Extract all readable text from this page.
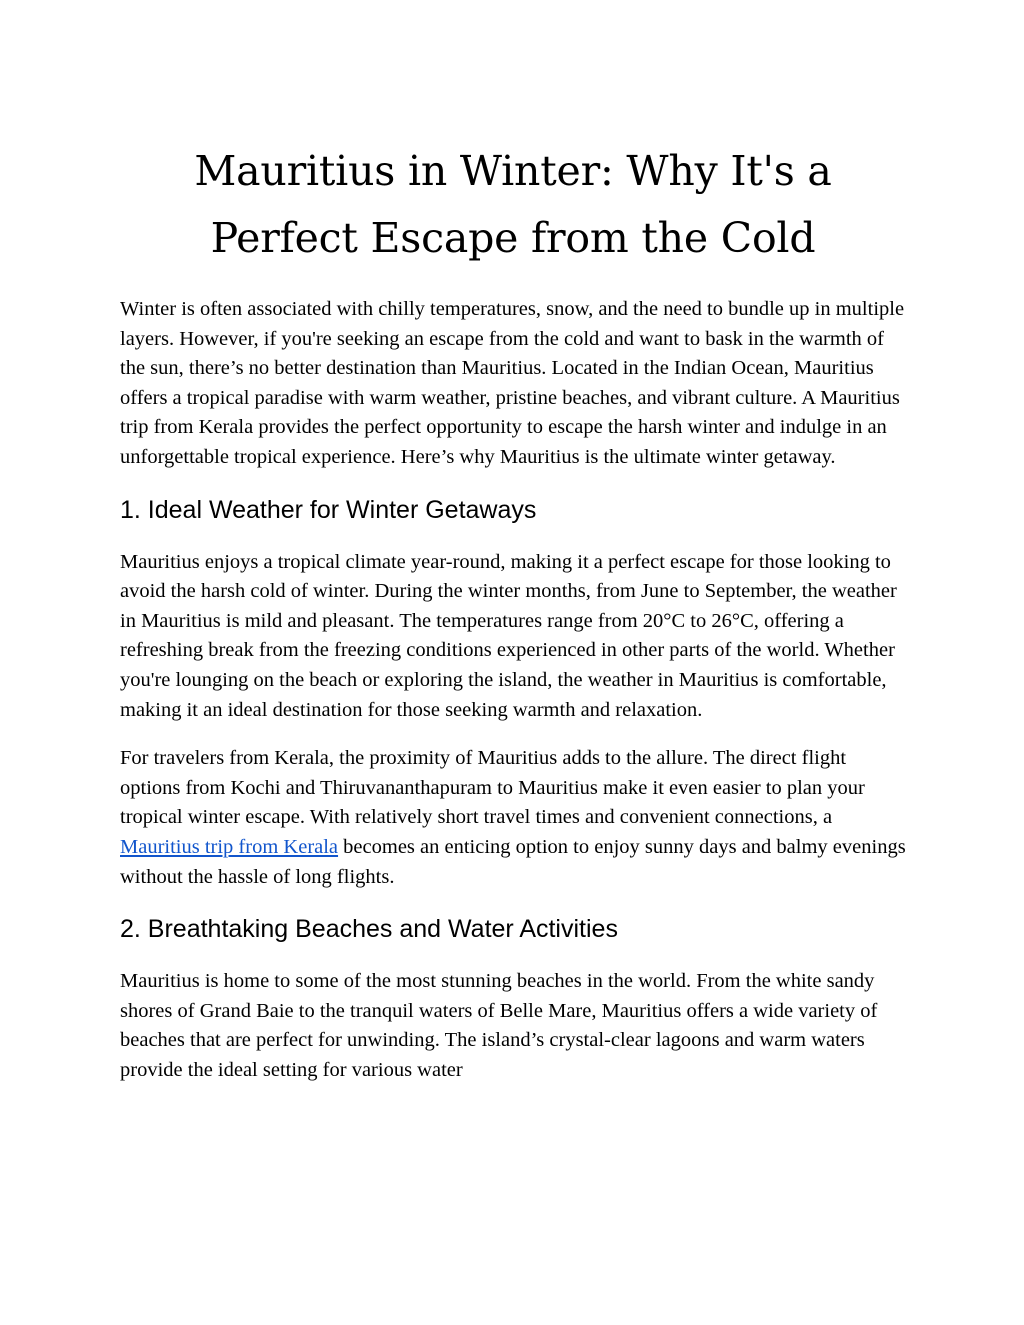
Mauritius in Winter: Why It's a
Perfect Escape from the Cold

Winter is often associated with chilly temperatures, snow, and the need to bundle up in multiple layers. However, if you're seeking an escape from the cold and want to bask in the warmth of the sun, there’s no better destination than Mauritius. Located in the Indian Ocean, Mauritius offers a tropical paradise with warm weather, pristine beaches, and vibrant culture. A Mauritius trip from Kerala provides the perfect opportunity to escape the harsh winter and indulge in an unforgettable tropical experience. Here’s why Mauritius is the ultimate winter getaway.

1. Ideal Weather for Winter Getaways

Mauritius enjoys a tropical climate year-round, making it a perfect escape for those looking to avoid the harsh cold of winter. During the winter months, from June to September, the weather in Mauritius is mild and pleasant. The temperatures range from 20°C to 26°C, offering a refreshing break from the freezing conditions experienced in other parts of the world. Whether you're lounging on the beach or exploring the island, the weather in Mauritius is comfortable, making it an ideal destination for those seeking warmth and relaxation.

For travelers from Kerala, the proximity of Mauritius adds to the allure. The direct flight options from Kochi and Thiruvananthapuram to Mauritius make it even easier to plan your tropical winter escape. With relatively short travel times and convenient connections, a Mauritius trip from Kerala becomes an enticing option to enjoy sunny days and balmy evenings without the hassle of long flights.

2. Breathtaking Beaches and Water Activities

Mauritius is home to some of the most stunning beaches in the world. From the white sandy shores of Grand Baie to the tranquil waters of Belle Mare, Mauritius offers a wide variety of beaches that are perfect for unwinding. The island’s crystal-clear lagoons and warm waters provide the ideal setting for various water
